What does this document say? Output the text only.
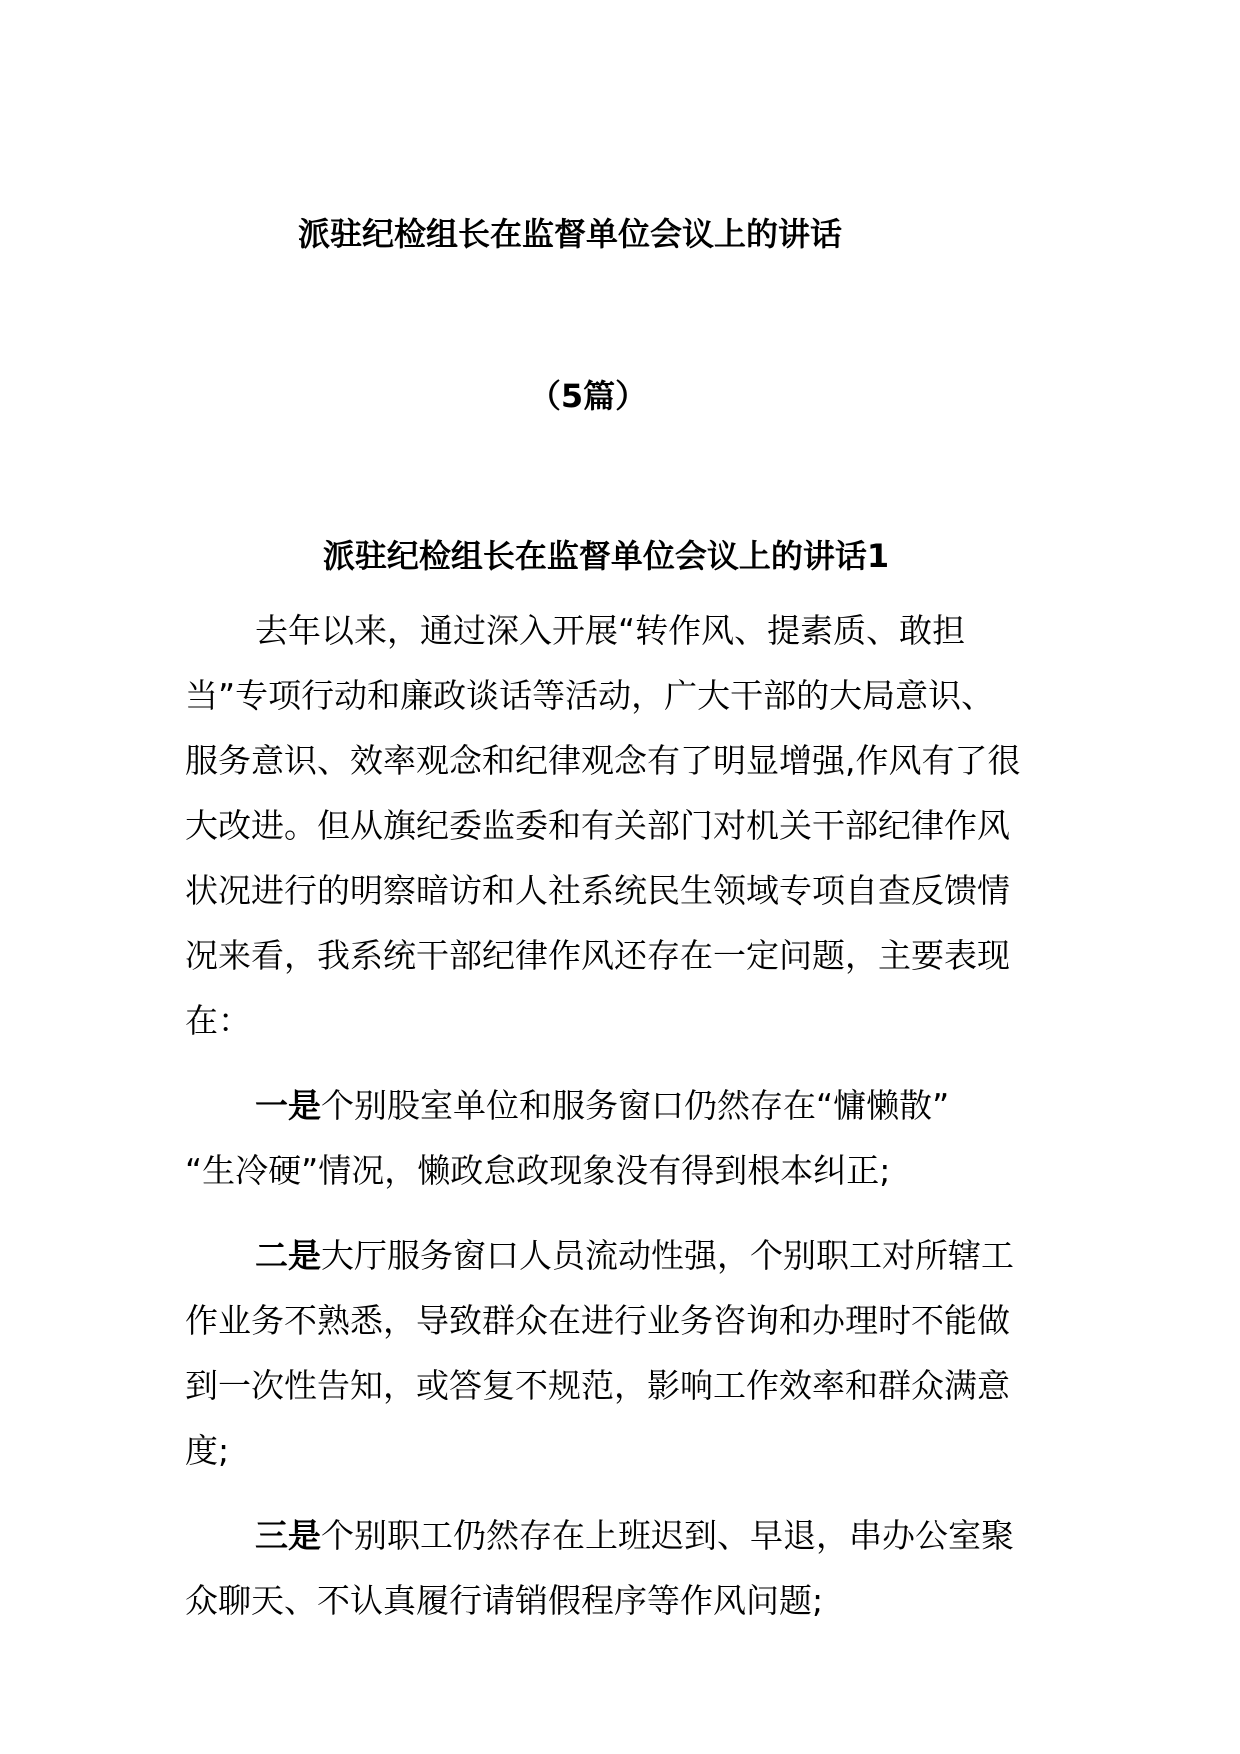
派驻纪检组长在监督单位会议上的讲话
（5篇）
派驻纪检组长在监督单位会议上的讲话1
去年以来，通过深入开展“转作风、提素质、敢担
当”专项行动和廉政谈话等活动，广大干部的大局意识、
服务意识、效率观念和纪律观念有了明显增强,作风有了很
大改进。但从旗纪委监委和有关部门对机关干部纪律作风
状况进行的明察暗访和人社系统民生领域专项自查反馈情
况来看，我系统干部纪律作风还存在一定问题，主要表现
在：
一是个别股室单位和服务窗口仍然存在“慵懒散”
“生冷硬”情况，懒政怠政现象没有得到根本纠正;
二是大厅服务窗口人员流动性强，个别职工对所辖工
作业务不熟悉，导致群众在进行业务咨询和办理时不能做
到一次性告知，或答复不规范，影响工作效率和群众满意
度;
三是个别职工仍然存在上班迟到、早退，串办公室聚
众聊天、不认真履行请销假程序等作风问题;
